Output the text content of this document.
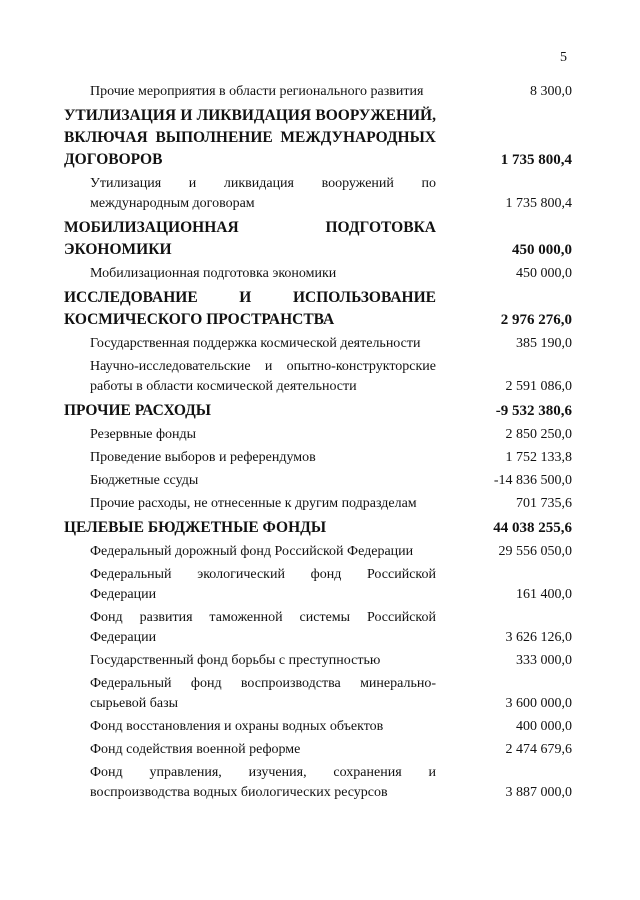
5
Прочие мероприятия в области регионального развития	8 300,0
УТИЛИЗАЦИЯ И ЛИКВИДАЦИЯ ВООРУЖЕНИЙ, ВКЛЮЧАЯ ВЫПОЛНЕНИЕ МЕЖДУНАРОДНЫХ ДОГОВОРОВ	1 735 800,4
Утилизация и ликвидация вооружений по международным договорам	1 735 800,4
МОБИЛИЗАЦИОННАЯ ПОДГОТОВКА ЭКОНОМИКИ	450 000,0
Мобилизационная подготовка экономики	450 000,0
ИССЛЕДОВАНИЕ И ИСПОЛЬЗОВАНИЕ КОСМИЧЕСКОГО ПРОСТРАНСТВА	2 976 276,0
Государственная поддержка космической деятельности	385 190,0
Научно-исследовательские и опытно-конструкторские работы в области космической деятельности	2 591 086,0
ПРОЧИЕ РАСХОДЫ	-9 532 380,6
Резервные фонды	2 850 250,0
Проведение выборов и референдумов	1 752 133,8
Бюджетные ссуды	-14 836 500,0
Прочие расходы, не отнесенные к другим подразделам	701 735,6
ЦЕЛЕВЫЕ БЮДЖЕТНЫЕ ФОНДЫ	44 038 255,6
Федеральный дорожный фонд Российской Федерации	29 556 050,0
Федеральный экологический фонд Российской Федерации	161 400,0
Фонд развития таможенной системы Российской Федерации	3 626 126,0
Государственный фонд борьбы с преступностью	333 000,0
Федеральный фонд воспроизводства минерально-сырьевой базы	3 600 000,0
Фонд восстановления и охраны водных объектов	400 000,0
Фонд содействия военной реформе	2 474 679,6
Фонд управления, изучения, сохранения и воспроизводства водных биологических ресурсов	3 887 000,0
